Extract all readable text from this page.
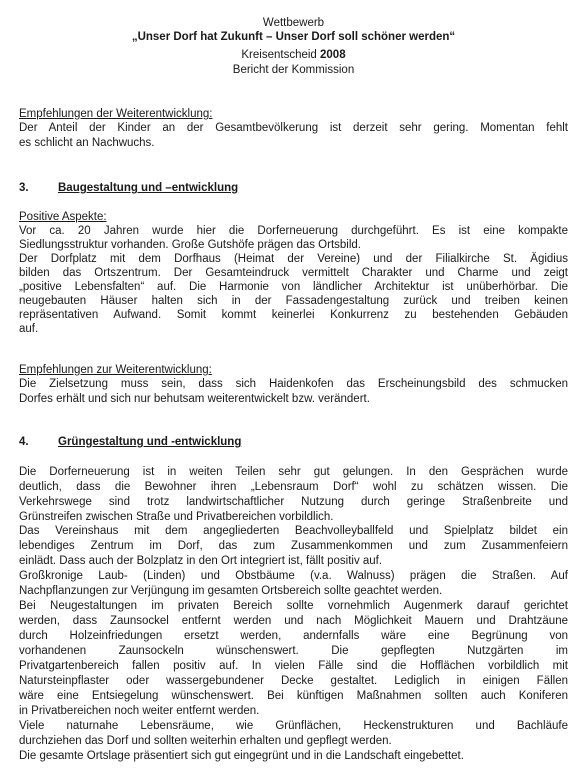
Wettbewerb
„Unser Dorf hat Zukunft – Unser Dorf soll schöner werden“
Kreisentscheid 2008
Bericht der Kommission
Empfehlungen der Weiterentwicklung:
Der Anteil der Kinder an der Gesamtbevölkerung ist derzeit sehr gering. Momentan fehlt
es schlicht an Nachwuchs.
3.	Baugestaltung und –entwicklung
Positive Aspekte:
Vor ca. 20 Jahren wurde hier die Dorferneuerung durchgeführt. Es ist eine kompakte
Siedlungsstruktur vorhanden. Große Gutshöfe prägen das Ortsbild.
Der Dorfplatz mit dem Dorfhaus (Heimat der Vereine) und der Filialkirche St. Ägidius
bilden das Ortszentrum. Der Gesamteindruck vermittelt Charakter und Charme und zeigt
„positive Lebensfalten“ auf. Die Harmonie von ländlicher Architektur ist unüberhörbar. Die
neugebauten Häuser halten sich in der Fassadengestaltung zurück und treiben keinen
repräsentativen Aufwand. Somit kommt keinerlei Konkurrenz zu bestehenden Gebäuden
auf.
Empfehlungen zur Weiterentwicklung:
Die Zielsetzung muss sein, dass sich Haidenkofen das Erscheinungsbild des schmucken
Dorfes erhält und sich nur behutsam weiterentwickelt bzw. verändert.
4.	Grüngestaltung und -entwicklung
Die Dorferneuerung ist in weiten Teilen sehr gut gelungen. In den Gesprächen wurde
deutlich, dass die Bewohner ihren „Lebensraum Dorf“ wohl zu schätzen wissen. Die
Verkehrswege sind trotz landwirtschaftlicher Nutzung durch geringe Straßenbreite und
Grünstreifen zwischen Straße und Privatbereichen vorbildlich.
Das Vereinshaus mit dem angegliederten Beachvolleyballfeld und Spielplatz bildet ein
lebendiges Zentrum im Dorf, das zum Zusammenkommen und zum Zusammenfeiern
einlädt. Dass auch der Bolzplatz in den Ort integriert ist, fällt positiv auf.
Großkronige Laub- (Linden) und Obstbäume (v.a. Walnuss) prägen die Straßen. Auf
Nachpflanzungen zur Verjüngung im gesamten Ortsbereich sollte geachtet werden.
Bei Neugestaltungen im privaten Bereich sollte vornehmlich Augenmerk darauf gerichtet
werden, dass Zaunsockel entfernt werden und nach Möglichkeit Mauern und Drahtzäune
durch Holzeinfriedungen ersetzt werden, andernfalls wäre eine Begrünung von
vorhandenen Zaunsockeln wünschenswert. Die gepflegten Nutzgärten im
Privatgartenbereich fallen positiv auf. In vielen Fälle sind die Hofflächen vorbildlich mit
Natursteinpflaster oder wassergebundener Decke gestaltet. Lediglich in einigen Fällen
wäre eine Entsiegelung wünschenswert. Bei künftigen Maßnahmen sollten auch Koniferen
in Privatbereichen noch weiter entfernt werden.
Viele naturnahe Lebensräume, wie Grünflächen, Heckenstrukturen und Bachläufe
durchziehen das Dorf und sollten weiterhin erhalten und gepflegt werden.
Die gesamte Ortslage präsentiert sich gut eingegrünt und in die Landschaft eingebettet.
